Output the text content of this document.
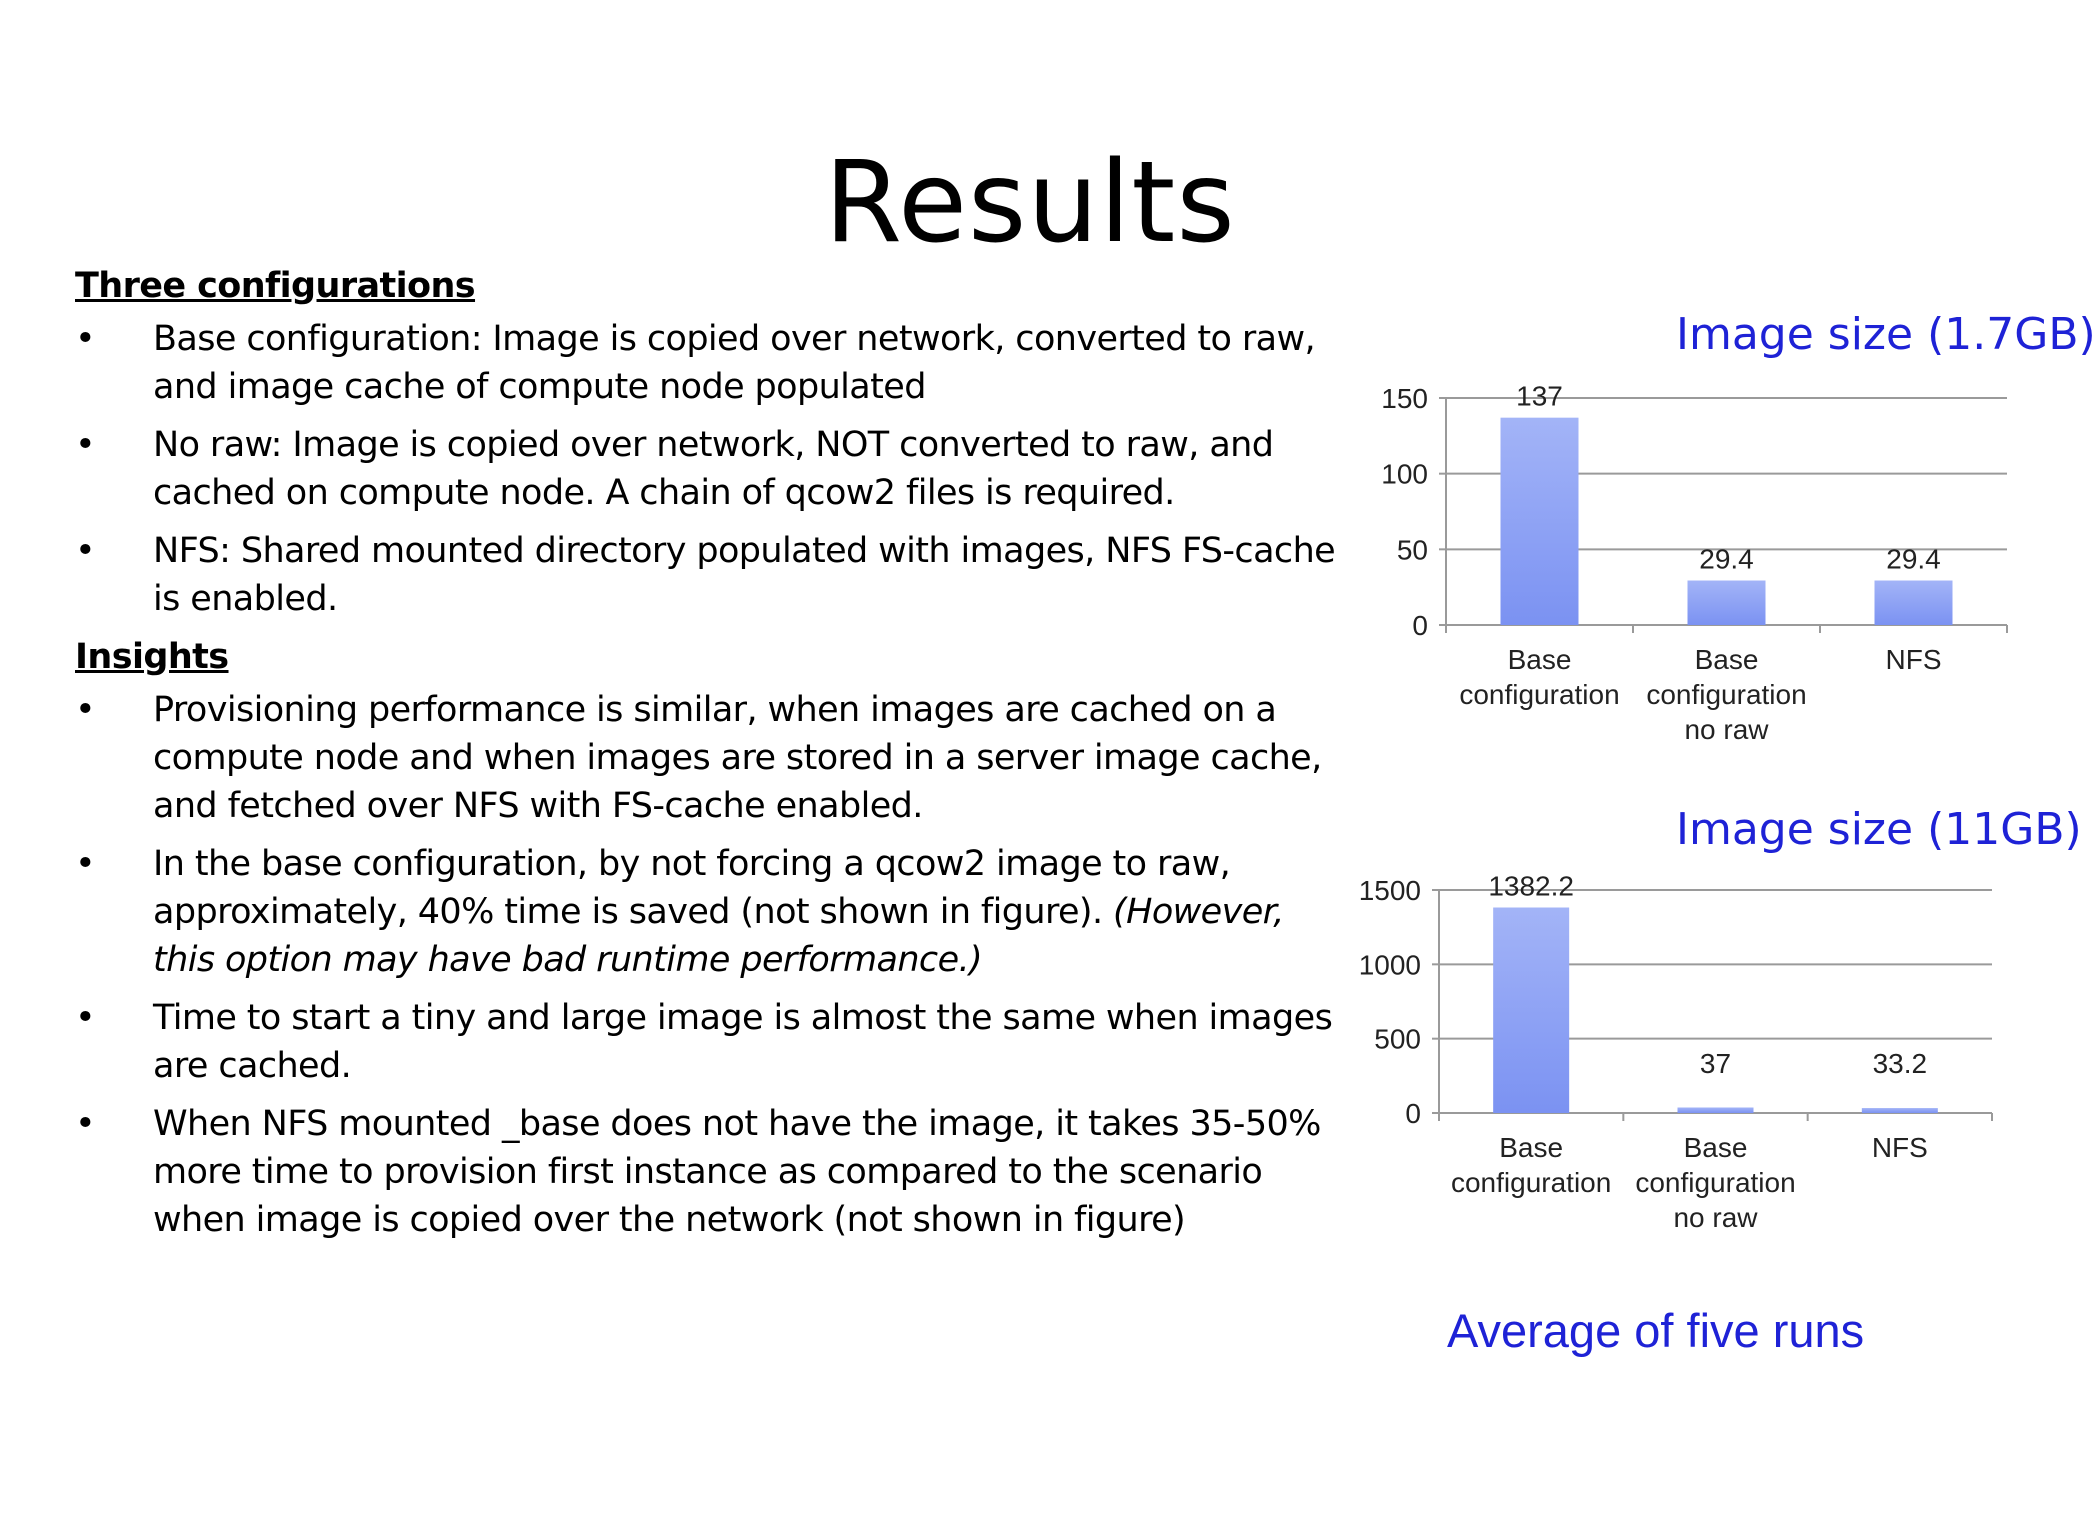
Results
Three configurations
• Base configuration: Image is copied over network, converted to raw, and image cache of compute node populated
• No raw: Image is copied over network, NOT converted to raw, and cached on compute node. A chain of qcow2 files is required.
• NFS: Shared mounted directory populated with images, NFS FS-cache is enabled.
Insights
• Provisioning performance is similar, when images are cached on a compute node and when images are stored in a server image cache, and fetched over NFS with FS-cache enabled.
• In the base configuration, by not forcing a qcow2 image to raw, approximately, 40% time is saved (not shown in figure). (However, this option may have bad runtime performance.)
• Time to start a tiny and large image is almost the same when images are cached.
• When NFS mounted _base does not have the image, it takes 35-50% more time to provision first instance as compared to the scenario when image is copied over the network (not shown in figure)
Image size (1.7GB)
0
50
100
150	137
Base
configuration
29.4
Base
configuration
no raw
29.4
NFS
Image size (11GB)
0
500
1000
1500 1382.2
Base
configuration
37
Base
configuration
no raw
33.2
NFS
Average of five runs
